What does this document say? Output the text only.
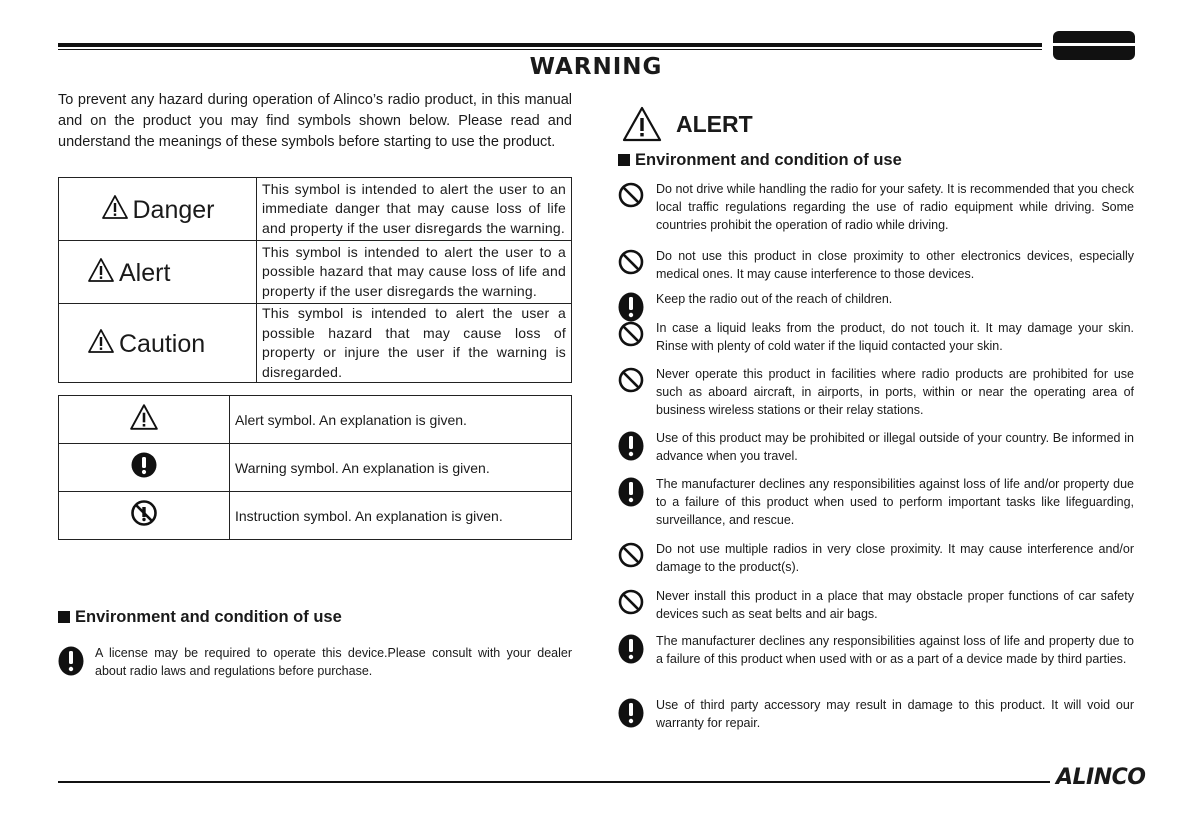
WARNING
To prevent any hazard during operation of Alinco’s radio product, in this manual and on the product you may find symbols shown below. Please read and understand the meanings of these symbols before starting to use the product.
Danger	This symbol is intended to alert the user to an immediate danger that may cause loss of life and property if the user disregards the warning.
Alert	This symbol is intended to alert the user to a possible hazard that may cause loss of life and property if the user disregards the warning.
Caution	This symbol is intended to alert the user a possible hazard that may cause loss of property or injure the user if the warning is disregarded.
	Alert symbol. An explanation is given.
	Warning symbol. An explanation is given.
	Instruction symbol. An explanation is given.
Environment and condition of use
A license may be required to operate this device.Please consult with your dealer about radio laws and regulations before purchase.
ALERT
Environment and condition of use
Do not drive while handling the radio for your safety. It is recommended that you check local traffic regulations regarding the use of radio equipment while driving. Some countries prohibit the operation of radio while driving.
Do not use this product in close proximity to other electronics devices, especially medical ones. It may cause interference to those devices.
Keep the radio out of the reach of children.
In case a liquid leaks from the product, do not touch it. It may damage your skin. Rinse with plenty of cold water if the liquid contacted your skin.
Never operate this product in facilities where radio products are prohibited for use such as aboard aircraft, in airports, in ports, within or near the operating area of business wireless stations or their relay stations.
Use of this product may be prohibited or illegal outside of your country. Be informed in advance when you travel.
The manufacturer declines any responsibilities against loss of life and/or property due to a failure of this product when used to perform important tasks like lifeguarding, surveillance, and rescue.
Do not use multiple radios in very close proximity. It may cause interference and/or damage to the product(s).
Never install this product in a place that may obstacle proper functions of car safety devices such as seat belts and air bags.
The manufacturer declines any responsibilities against loss of life and property due to a failure of this product when used with or as a part of a device made by third parties.
Use of third party accessory may result in damage to this product. It will void our warranty for repair.
ALINCO
